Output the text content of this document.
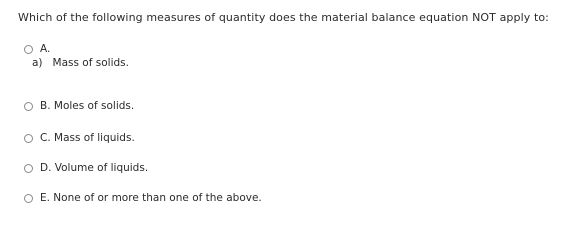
Which of the following measures of quantity does the material balance equation NOT apply to:
A.
a) Mass of solids.
B. Moles of solids.
C. Mass of liquids.
D. Volume of liquids.
E. None of or more than one of the above.
